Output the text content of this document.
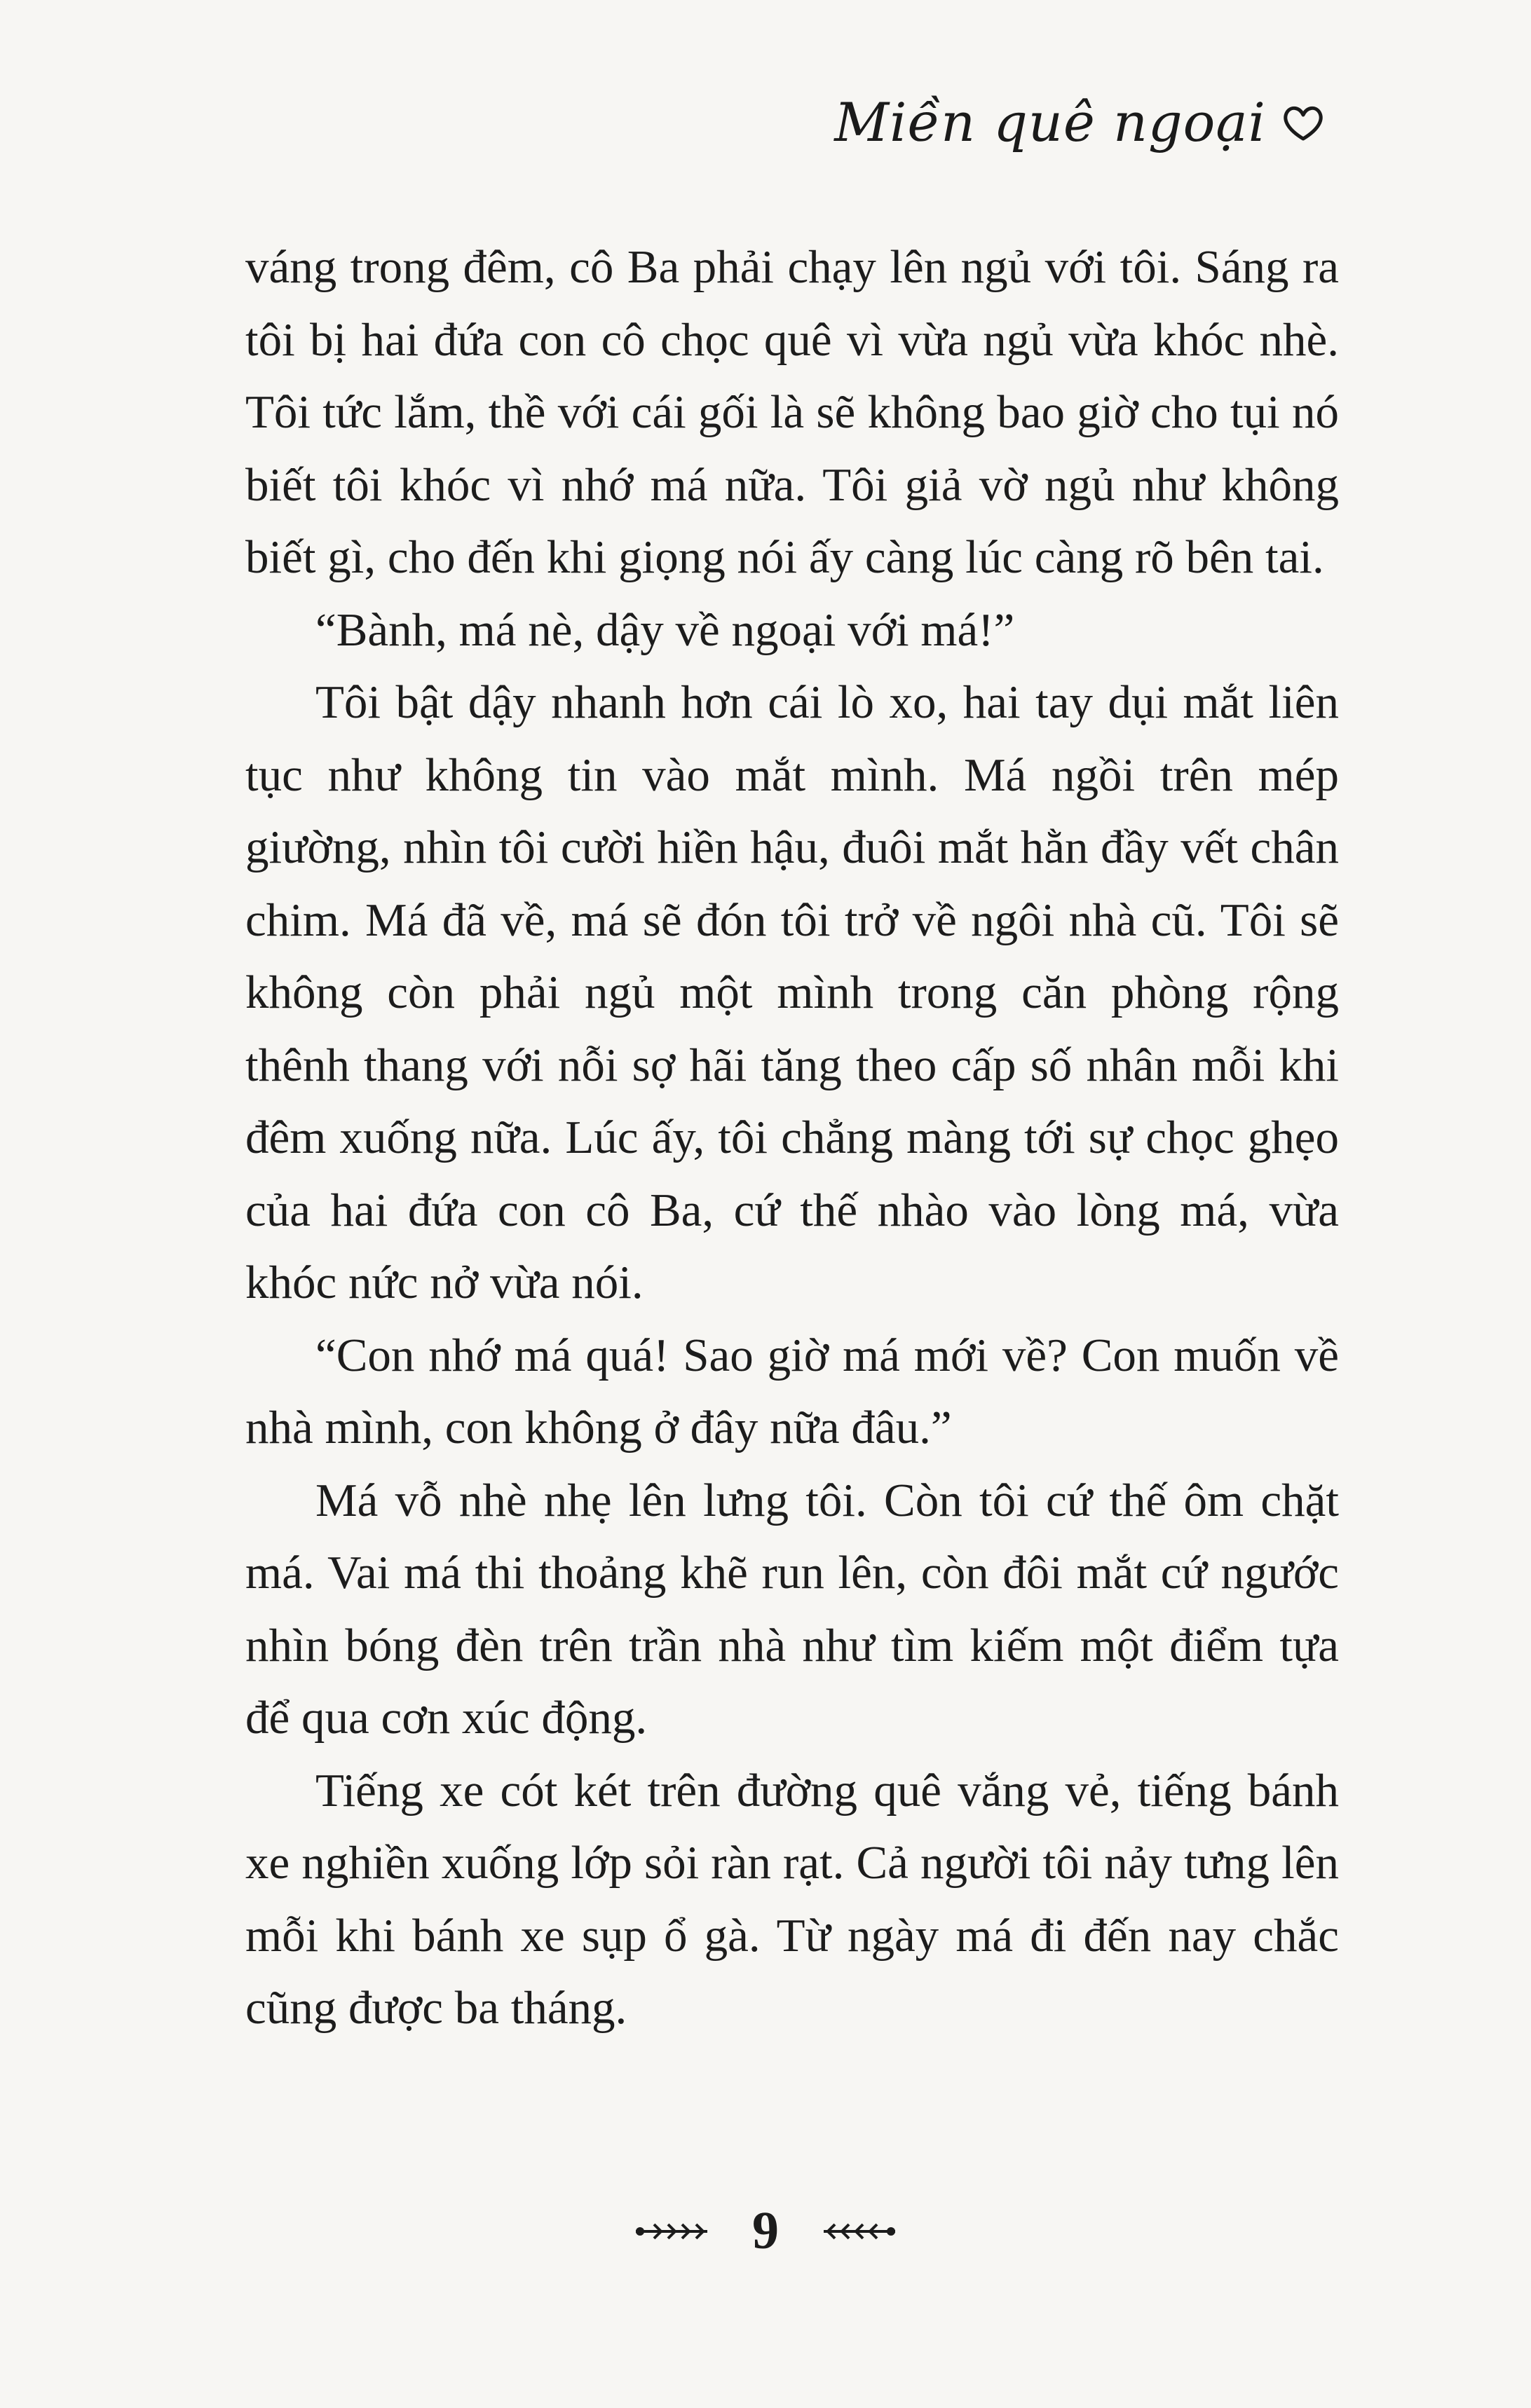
Miền quê ngoại

váng trong đêm, cô Ba phải chạy lên ngủ với tôi. Sáng ra tôi bị hai đứa con cô chọc quê vì vừa ngủ vừa khóc nhè. Tôi tức lắm, thề với cái gối là sẽ không bao giờ cho tụi nó biết tôi khóc vì nhớ má nữa. Tôi giả vờ ngủ như không biết gì, cho đến khi giọng nói ấy càng lúc càng rõ bên tai.

“Bành, má nè, dậy về ngoại với má!”

Tôi bật dậy nhanh hơn cái lò xo, hai tay dụi mắt liên tục như không tin vào mắt mình. Má ngồi trên mép giường, nhìn tôi cười hiền hậu, đuôi mắt hằn đầy vết chân chim. Má đã về, má sẽ đón tôi trở về ngôi nhà cũ. Tôi sẽ không còn phải ngủ một mình trong căn phòng rộng thênh thang với nỗi sợ hãi tăng theo cấp số nhân mỗi khi đêm xuống nữa. Lúc ấy, tôi chẳng màng tới sự chọc ghẹo của hai đứa con cô Ba, cứ thế nhào vào lòng má, vừa khóc nức nở vừa nói.

“Con nhớ má quá! Sao giờ má mới về? Con muốn về nhà mình, con không ở đây nữa đâu.”

Má vỗ nhè nhẹ lên lưng tôi. Còn tôi cứ thế ôm chặt má. Vai má thi thoảng khẽ run lên, còn đôi mắt cứ ngước nhìn bóng đèn trên trần nhà như tìm kiếm một điểm tựa để qua cơn xúc động.

Tiếng xe cót két trên đường quê vắng vẻ, tiếng bánh xe nghiền xuống lớp sỏi ràn rạt. Cả người tôi nảy tưng lên mỗi khi bánh xe sụp ổ gà. Từ ngày má đi đến nay chắc cũng được ba tháng.

9
